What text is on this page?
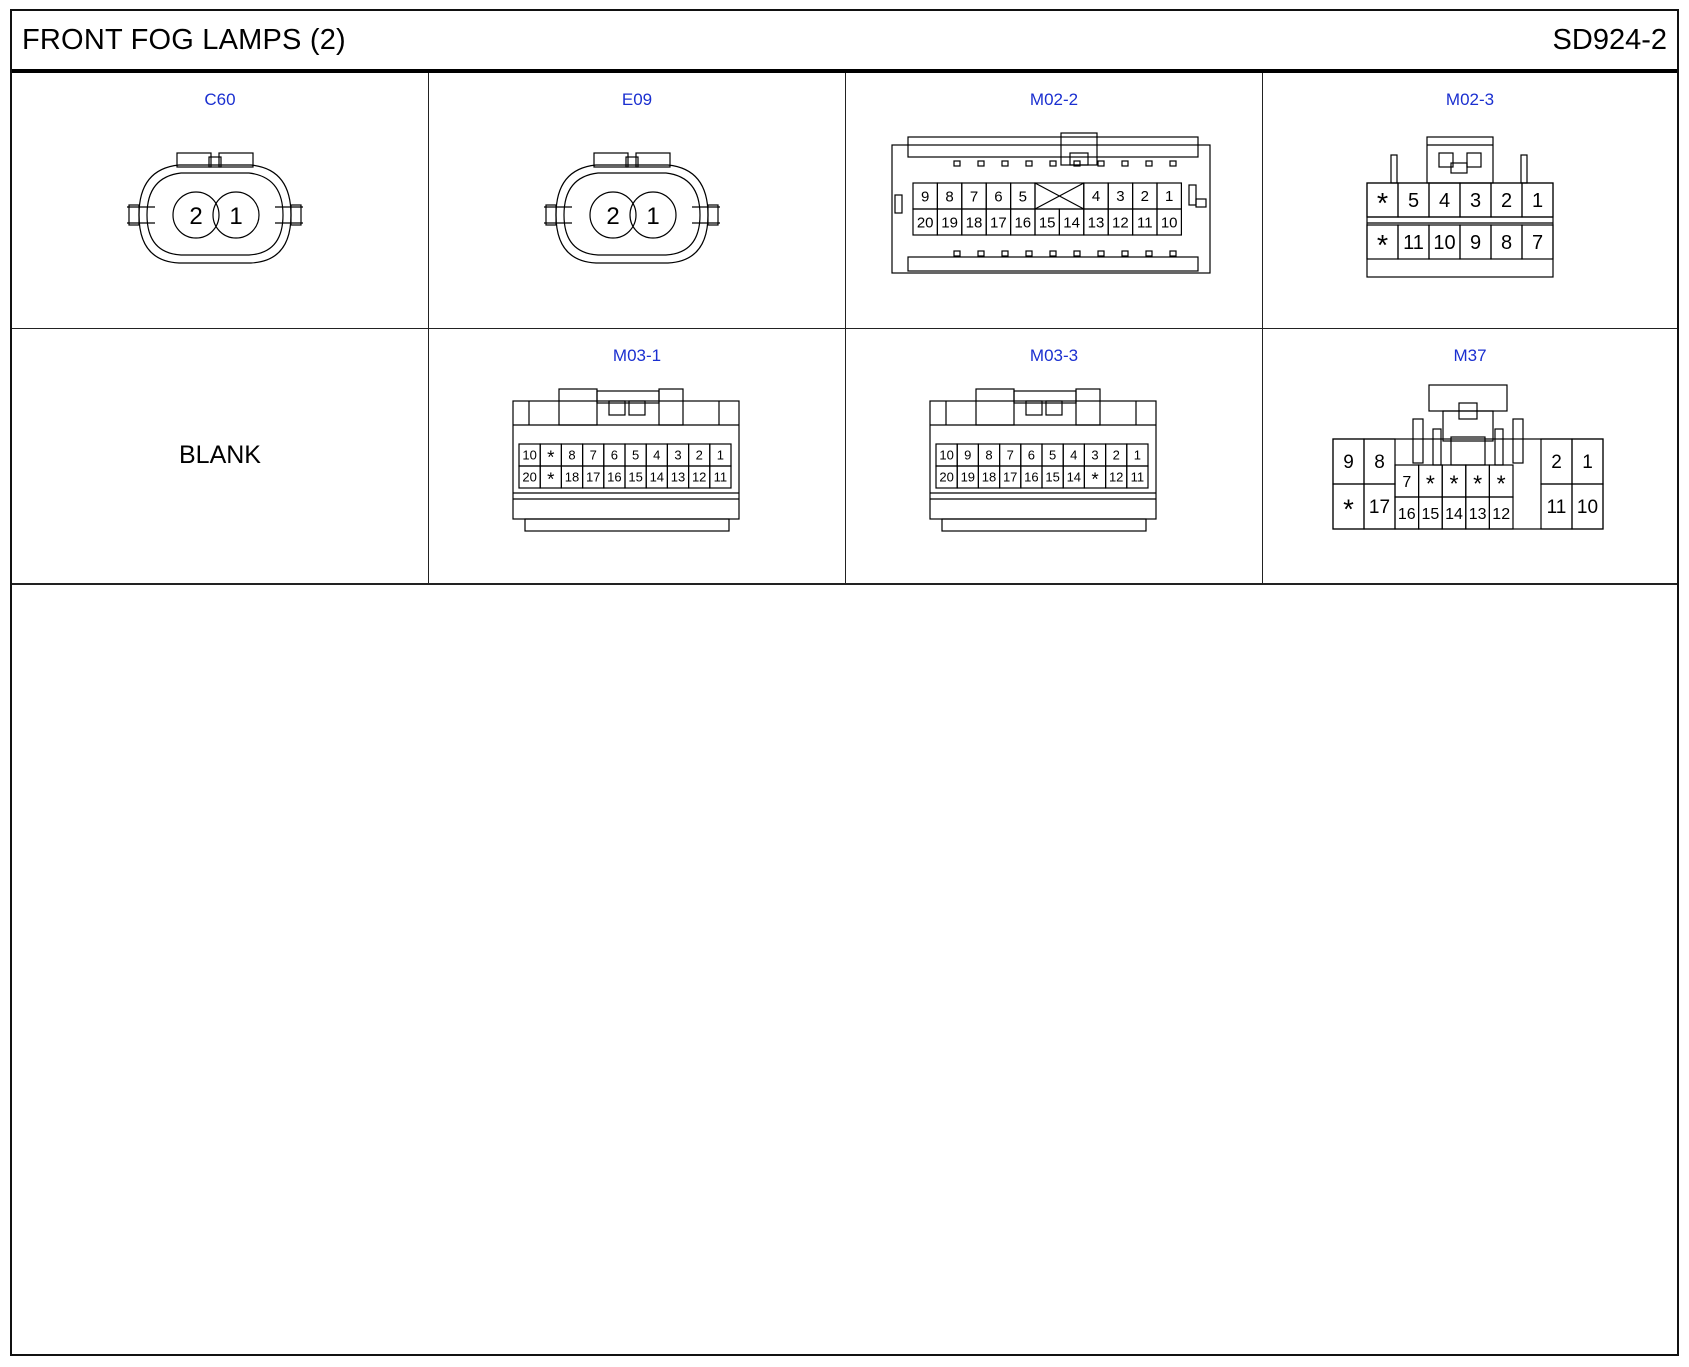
FRONT FOG LAMPS (2)	SD924-2
C60
2 1
E09
2 1
M02-2
9 8 7 6 5	4 3 2 1
20 19 18 17 16 15 14 13 12 11 10
M02-3
* 5 4 3 2 1
* 11 10 9 8 7
BLANK
M03-1
10 * 8 7 6 5 4 3 2 1
20 * 18 17 16 15 14 13 12 11
M03-3
10 9 8 7 6 5 4 3 2 1
20 19 18 17 16 15 14 * 12 11
M37
9 8
* 17
7 * * * *
16 15 14 13 12
2 1
11 10
